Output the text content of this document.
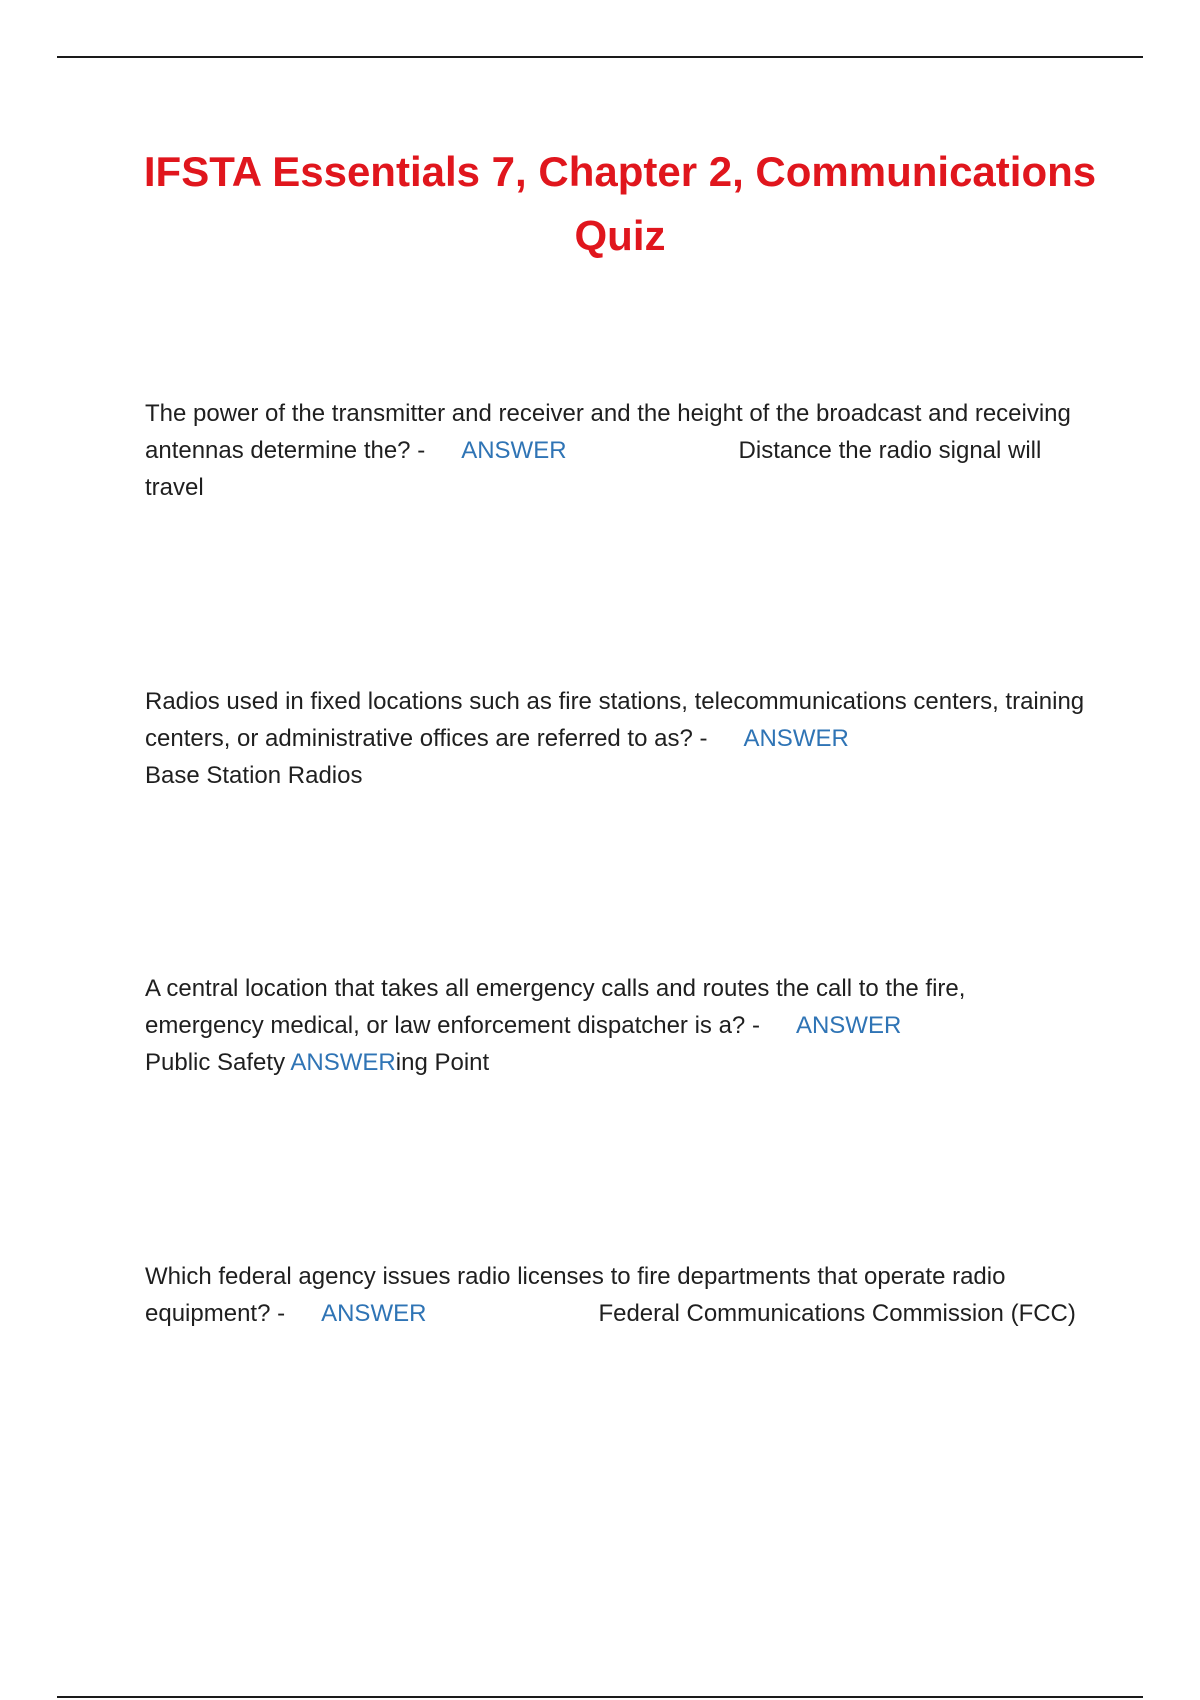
IFSTA Essentials 7, Chapter 2, Communications Quiz

The power of the transmitter and receiver and the height of the broadcast and receiving antennas determine the? - ANSWER	Distance the radio signal will travel

Radios used in fixed locations such as fire stations, telecommunications centers, training centers, or administrative offices are referred to as? - ANSWER
Base Station Radios

A central location that takes all emergency calls and routes the call to the fire, emergency medical, or law enforcement dispatcher is a? - ANSWER
Public Safety ANSWERing Point

Which federal agency issues radio licenses to fire departments that operate radio equipment? - ANSWER	Federal Communications Commission (FCC)
